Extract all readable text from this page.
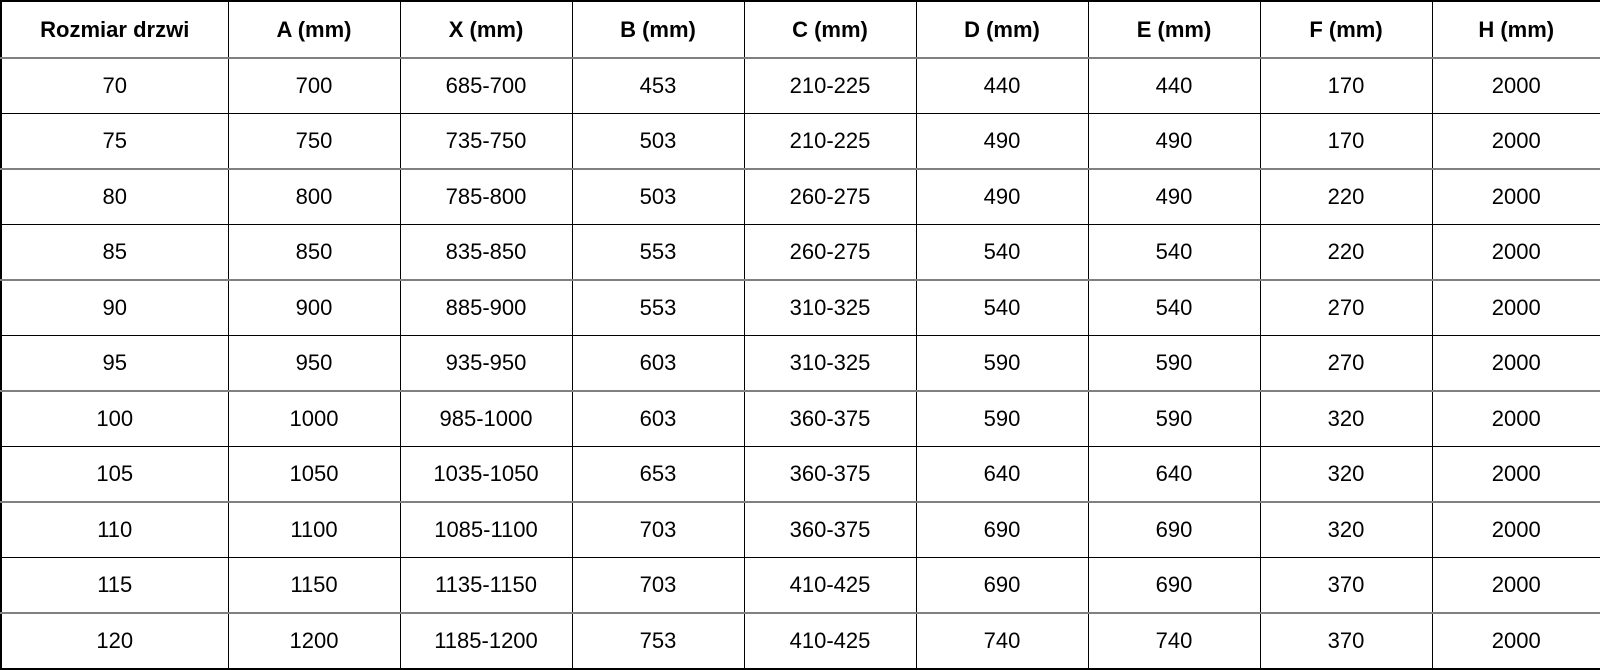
Rozmiar drzwi	A (mm)	X (mm)	B (mm)	C (mm)	D (mm)	E (mm)	F (mm)	H (mm)
70	700	685-700	453	210-225	440	440	170	2000
75	750	735-750	503	210-225	490	490	170	2000
80	800	785-800	503	260-275	490	490	220	2000
85	850	835-850	553	260-275	540	540	220	2000
90	900	885-900	553	310-325	540	540	270	2000
95	950	935-950	603	310-325	590	590	270	2000
100	1000	985-1000	603	360-375	590	590	320	2000
105	1050	1035-1050	653	360-375	640	640	320	2000
110	1100	1085-1100	703	360-375	690	690	320	2000
115	1150	1135-1150	703	410-425	690	690	370	2000
120	1200	1185-1200	753	410-425	740	740	370	2000
